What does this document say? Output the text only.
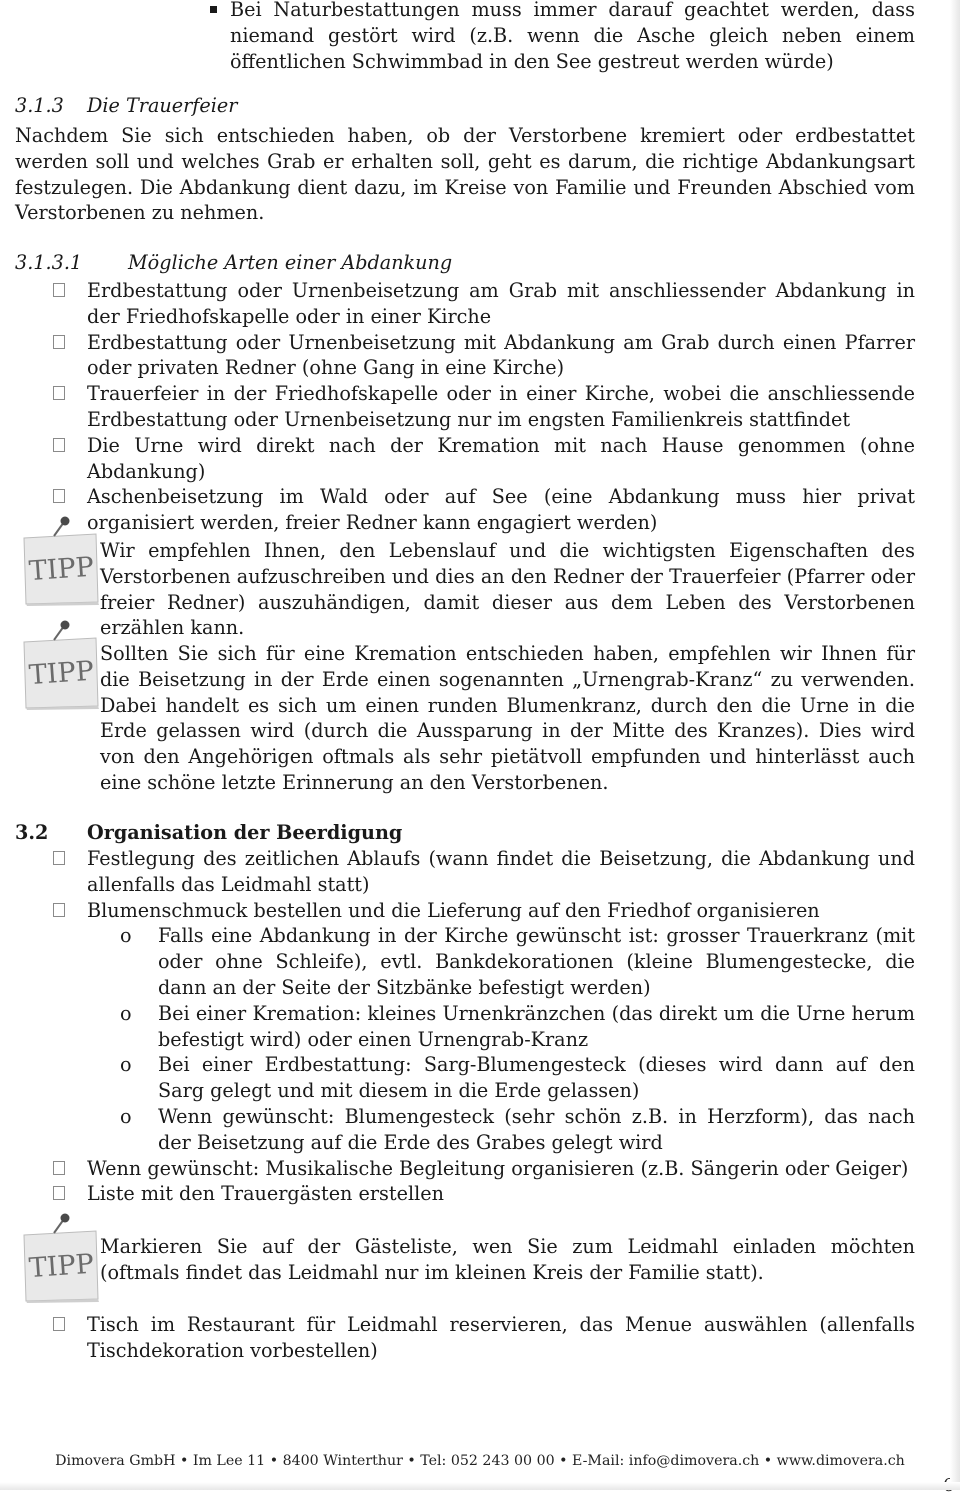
Bei Naturbestattungen muss immer darauf geachtet werden, dass niemand gestört wird (z.B. wenn die Asche gleich neben einem öffentlichen Schwimmbad in den See gestreut werden würde)
3.1.3 Die Trauerfeier

Nachdem Sie sich entschieden haben, ob der Verstorbene kremiert oder erdbestattet werden soll und welches Grab er erhalten soll, geht es darum, die richtige Abdankungsart festzulegen. Die Abdankung dient dazu, im Kreise von Familie und Freunden Abschied vom Verstorbenen zu nehmen.

3.1.3.1 Mögliche Arten einer Abdankung
Erdbestattung oder Urnenbeisetzung am Grab mit anschliessender Abdankung in der Friedhofskapelle oder in einer Kirche
Erdbestattung oder Urnenbeisetzung mit Abdankung am Grab durch einen Pfarrer oder privaten Redner (ohne Gang in eine Kirche)
Trauerfeier in der Friedhofskapelle oder in einer Kirche, wobei die anschliessende Erdbestattung oder Urnenbeisetzung nur im engsten Familienkreis stattfindet
Die Urne wird direkt nach der Kremation mit nach Hause genommen (ohne Abdankung)
Aschenbeisetzung im Wald oder auf See (eine Abdankung muss hier privat organisiert werden, freier Redner kann engagiert werden)
TIPP

Wir empfehlen Ihnen, den Lebenslauf und die wichtigsten Eigenschaften des Verstorbenen aufzuschreiben und dies an den Redner der Trauerfeier (Pfarrer oder freier Redner) auszuhändigen, damit dieser aus dem Leben des Verstorbenen erzählen kann.

TIPP

Sollten Sie sich für eine Kremation entschieden haben, empfehlen wir Ihnen für die Beisetzung in der Erde einen sogenannten „Urnengrab-Kranz“ zu verwenden. Dabei handelt es sich um einen runden Blumenkranz, durch den die Urne in die Erde gelassen wird (durch die Aussparung in der Mitte des Kranzes). Dies wird von den Angehörigen oftmals als sehr pietätvoll empfunden und hinterlässt auch eine schöne letzte Erinnerung an den Verstorbenen.

3.2 Organisation der Beerdigung
Festlegung des zeitlichen Ablaufs (wann findet die Beisetzung, die Abdankung und allenfalls das Leidmahl statt)
Blumenschmuck bestellen und die Lieferung auf den Friedhof organisieren
o Falls eine Abdankung in der Kirche gewünscht ist: grosser Trauerkranz (mit oder ohne Schleife), evtl. Bankdekorationen (kleine Blumengestecke, die dann an der Seite der Sitzbänke befestigt werden)
o Bei einer Kremation: kleines Urnenkränzchen (das direkt um die Urne herum befestigt wird) oder einen Urnengrab-Kranz
o Bei einer Erdbestattung: Sarg-Blumengesteck (dieses wird dann auf den Sarg gelegt und mit diesem in die Erde gelassen)
o Wenn gewünscht: Blumengesteck (sehr schön z.B. in Herzform), das nach der Beisetzung auf die Erde des Grabes gelegt wird
Wenn gewünscht: Musikalische Begleitung organisieren (z.B. Sängerin oder Geiger)
Liste mit den Trauergästen erstellen
TIPP

Markieren Sie auf der Gästeliste, wen Sie zum Leidmahl einladen möchten (oftmals findet das Leidmahl nur im kleinen Kreis der Familie statt).

Tisch im Restaurant für Leidmahl reservieren, das Menue auswählen (allenfalls Tischdekoration vorbestellen)
Dimovera GmbH • Im Lee 11 • 8400 Winterthur • Tel: 052 243 00 00 • E-Mail: info@dimovera.ch • www.dimovera.ch
